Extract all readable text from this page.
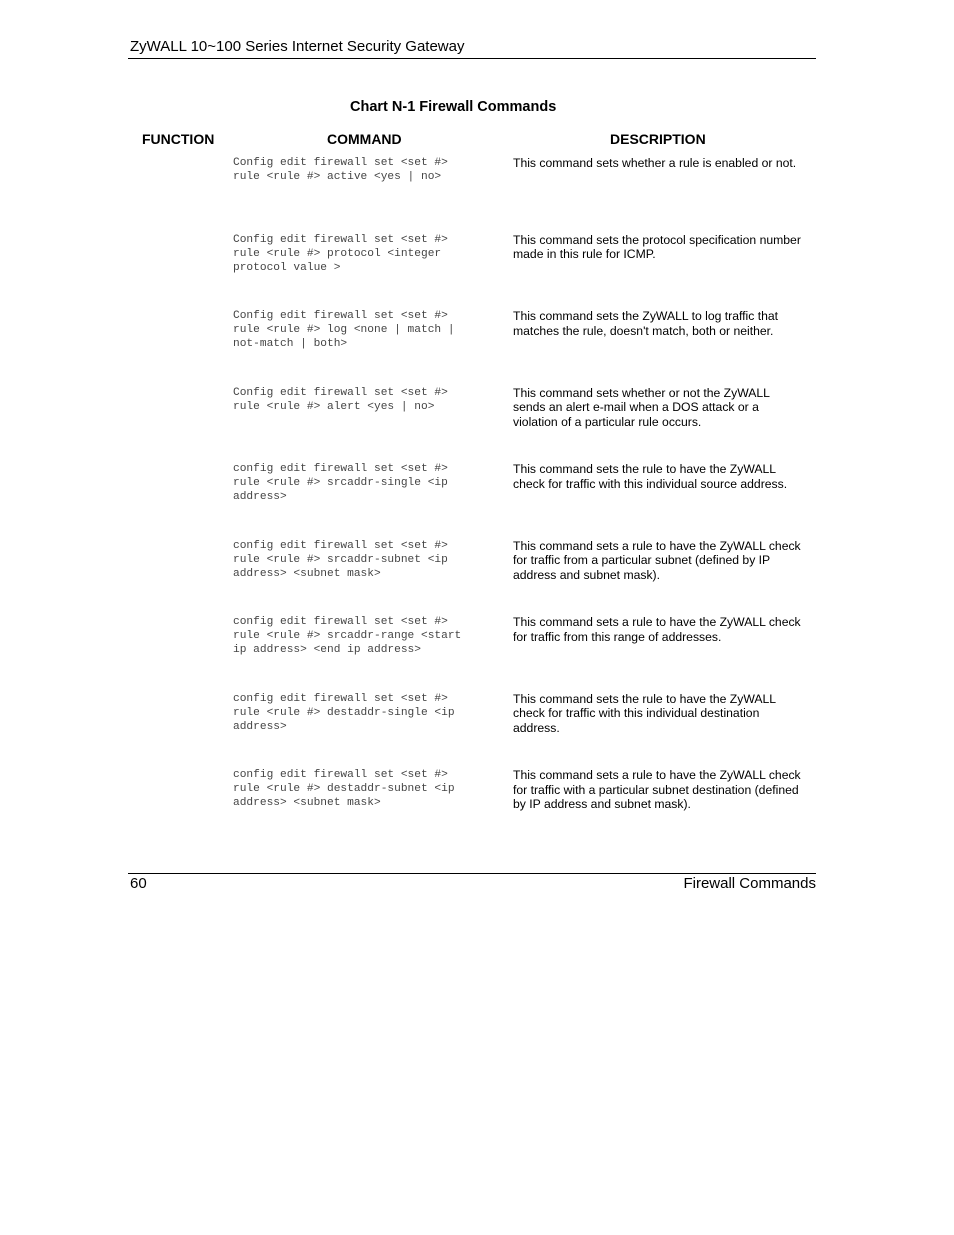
ZyWALL 10~100 Series Internet Security Gateway
Chart N-1 Firewall Commands
FUNCTION	COMMAND	DESCRIPTION
Config edit firewall set <set #>
rule <rule #> active <yes | no>
This command sets whether a rule is enabled or not.
Config edit firewall set <set #>
rule <rule #> protocol <integer
protocol value >
This command sets the protocol specification number made in this rule for ICMP.
Config edit firewall set <set #>
rule <rule #> log <none | match |
not-match | both>
This command sets the ZyWALL to log traffic that matches the rule, doesn't match, both or neither.
Config edit firewall set <set #>
rule <rule #> alert <yes | no>
This command sets whether or not the ZyWALL sends an alert e-mail when a DOS attack or a violation of a particular rule occurs.
config edit firewall set <set #>
rule <rule #> srcaddr-single <ip
address>
This command sets the rule to have the ZyWALL check for traffic with this individual source address.
config edit firewall set <set #>
rule <rule #> srcaddr-subnet <ip
address> <subnet mask>
This command sets a rule to have the ZyWALL check for traffic from a particular subnet (defined by IP address and subnet mask).
config edit firewall set <set #>
rule <rule #> srcaddr-range <start
ip address> <end ip address>
This command sets a rule to have the ZyWALL check for traffic from this range of addresses.
config edit firewall set <set #>
rule <rule #> destaddr-single <ip
address>
This command sets the rule to have the ZyWALL check for traffic with this individual destination address.
config edit firewall set <set #>
rule <rule #> destaddr-subnet <ip
address> <subnet mask>
This command sets a rule to have the ZyWALL check for traffic with a particular subnet destination (defined by IP address and subnet mask).
60	Firewall Commands
